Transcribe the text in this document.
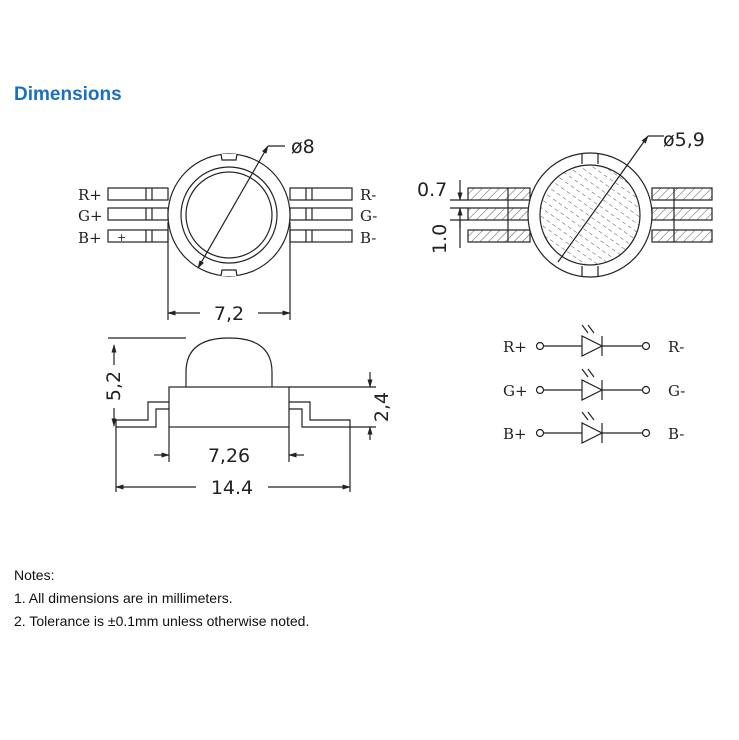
Dimensions
ø8
7,2
R+
G+
B+ +
R-
G-
B-
ø5,9
0.7
1.0
5,2
2,4
7,26
14.4
R+	R-
G+	G-
B+	B-
Notes:
1. All dimensions are in millimeters.
2. Tolerance is ±0.1mm unless otherwise noted.
